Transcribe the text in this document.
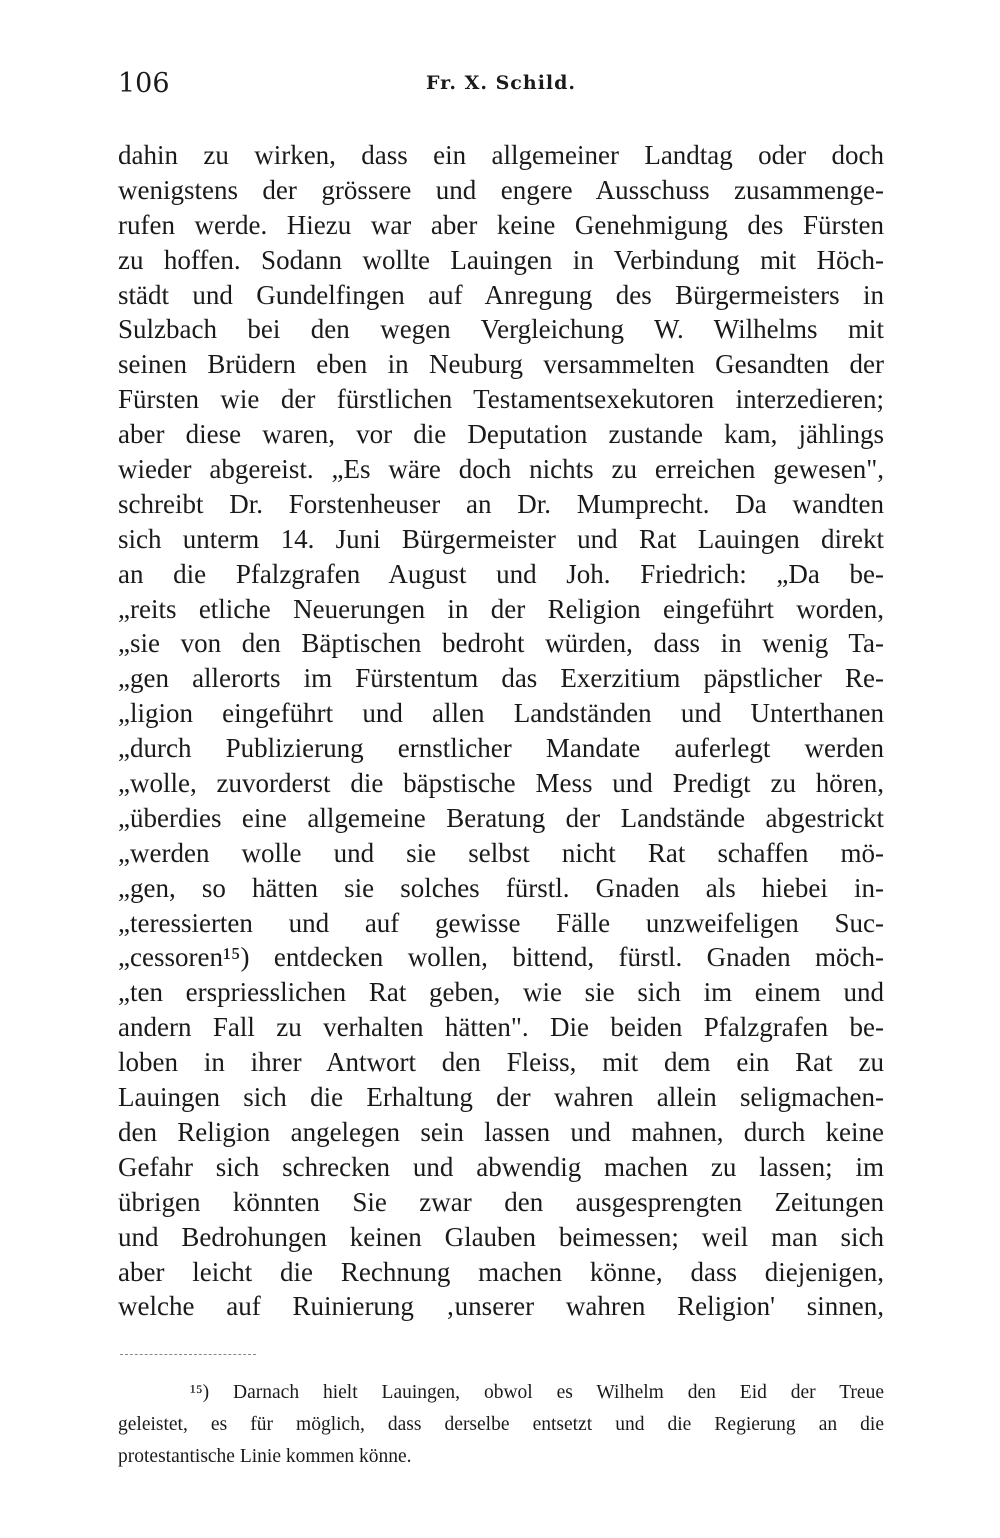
106	Fr. X. Schild.
dahin zu wirken, dass ein allgemeiner Landtag oder doch
wenigstens der grössere und engere Ausschuss zusammenge-
rufen werde. Hiezu war aber keine Genehmigung des Fürsten
zu hoffen. Sodann wollte Lauingen in Verbindung mit Höch-
städt und Gundelfingen auf Anregung des Bürgermeisters in
Sulzbach bei den wegen Vergleichung W. Wilhelms mit
seinen Brüdern eben in Neuburg versammelten Gesandten der
Fürsten wie der fürstlichen Testamentsexekutoren interzedieren;
aber diese waren, vor die Deputation zustande kam, jählings
wieder abgereist. „Es wäre doch nichts zu erreichen gewesen",
schreibt Dr. Forstenheuser an Dr. Mumprecht. Da wandten
sich unterm 14. Juni Bürgermeister und Rat Lauingen direkt
an die Pfalzgrafen August und Joh. Friedrich: „Da be-
„reits etliche Neuerungen in der Religion eingeführt worden,
„sie von den Bäptischen bedroht würden, dass in wenig Ta-
„gen allerorts im Fürstentum das Exerzitium päpstlicher Re-
„ligion eingeführt und allen Landständen und Unterthanen
„durch Publizierung ernstlicher Mandate auferlegt werden
„wolle, zuvorderst die bäpstische Mess und Predigt zu hören,
„überdies eine allgemeine Beratung der Landstände abgestrickt
„werden wolle und sie selbst nicht Rat schaffen mö-
„gen, so hätten sie solches fürstl. Gnaden als hiebei in-
„teressierten und auf gewisse Fälle unzweifeligen Suc-
„cessoren¹⁵) entdecken wollen, bittend, fürstl. Gnaden möch-
„ten erspriesslichen Rat geben, wie sie sich im einem und
andern Fall zu verhalten hätten". Die beiden Pfalzgrafen be-
loben in ihrer Antwort den Fleiss, mit dem ein Rat zu
Lauingen sich die Erhaltung der wahren allein seligmachen-
den Religion angelegen sein lassen und mahnen, durch keine
Gefahr sich schrecken und abwendig machen zu lassen; im
übrigen könnten Sie zwar den ausgesprengten Zeitungen
und Bedrohungen keinen Glauben beimessen; weil man sich
aber leicht die Rechnung machen könne, dass diejenigen,
welche auf Ruinierung ‚unserer wahren Religion' sinnen,
¹⁵) Darnach hielt Lauingen, obwol es Wilhelm den Eid der Treue
geleistet, es für möglich, dass derselbe entsetzt und die Regierung an die
protestantische Linie kommen könne.
